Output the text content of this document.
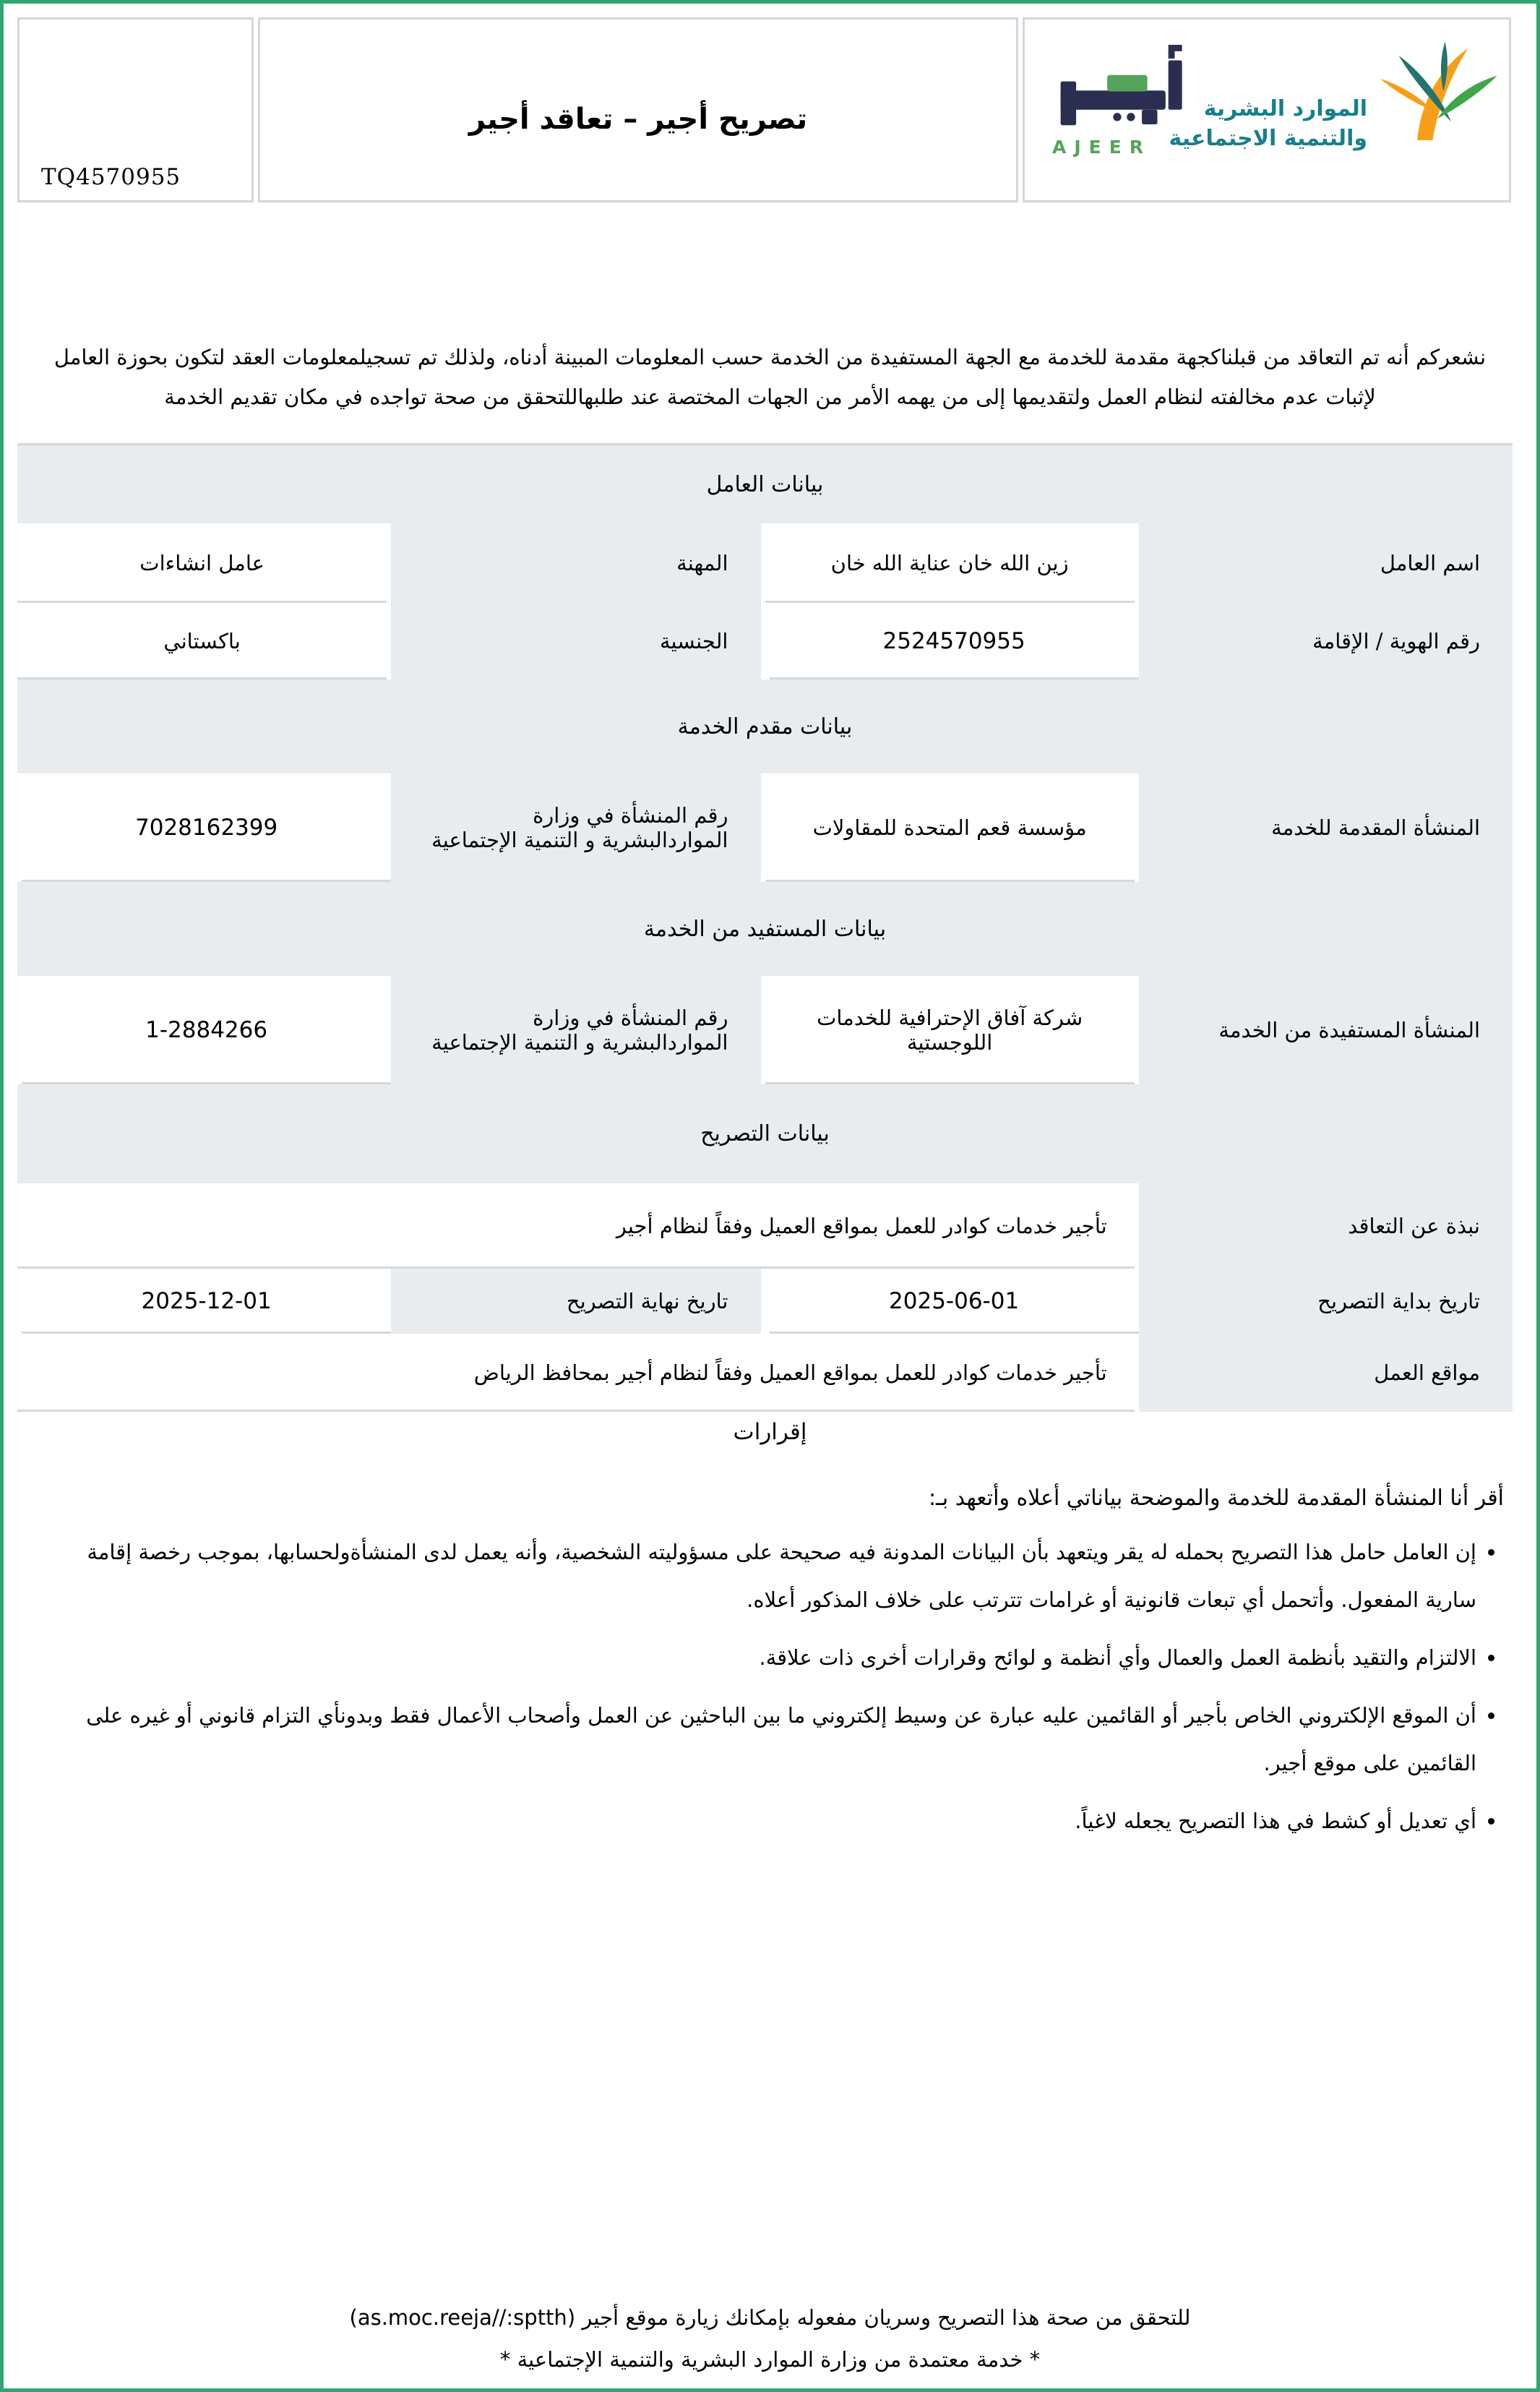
TQ4570955
تصريح أجير – تعاقد أجير
AJEER
الموارد البشرية
والتنمية الاجتماعية
نشعركم أنه تم التعاقد من قبلناكجهة مقدمة للخدمة مع الجهة المستفيدة من الخدمة حسب المعلومات المبينة أدناه، ولذلك تم تسجيلمعلومات العقد لتكون بحوزة العامل لإثبات عدم مخالفته لنظام العمل ولتقديمها إلى من يهمه الأمر من الجهات المختصة عند طلبهاللتحقق من صحة تواجده في مكان تقديم الخدمة
بيانات العامل
اسم العامل
زين الله خان عناية الله خان
المهنة
عامل انشاءات
رقم الهوية / الإقامة
2524570955
الجنسية
باكستاني
بيانات مقدم الخدمة
المنشأة المقدمة للخدمة
مؤسسة قعم المتحدة للمقاولات
رقم المنشأة في وزارة المواردالبشرية و التنمية الإجتماعية
7028162399
بيانات المستفيد من الخدمة
المنشأة المستفيدة من الخدمة
شركة آفاق الإحترافية للخدمات اللوجستية
رقم المنشأة في وزارة المواردالبشرية و التنمية الإجتماعية
1-2884266
بيانات التصريح
نبذة عن التعاقد
تأجير خدمات كوادر للعمل بمواقع العميل وفقاً لنظام أجير
تاريخ بداية التصريح
2025-06-01
تاريخ نهاية التصريح
2025-12-01
مواقع العمل
تأجير خدمات كوادر للعمل بمواقع العميل وفقاً لنظام أجير بمحافظ الرياض
إقرارات
أقر أنا المنشأة المقدمة للخدمة والموضحة بياناتي أعلاه وأتعهد بـ:
• إن العامل حامل هذا التصريح بحمله له يقر ويتعهد بأن البيانات المدونة فيه صحيحة على مسؤوليته الشخصية، وأنه يعمل لدى المنشأةولحسابها، بموجب رخصة إقامة سارية المفعول. وأتحمل أي تبعات قانونية أو غرامات تترتب على خلاف المذكور أعلاه.
• الالتزام والتقيد بأنظمة العمل والعمال وأي أنظمة و لوائح وقرارات أخرى ذات علاقة.
• أن الموقع الإلكتروني الخاص بأجير أو القائمين عليه عبارة عن وسيط إلكتروني ما بين الباحثين عن العمل وأصحاب الأعمال فقط وبدونأي التزام قانوني أو غيره على القائمين على موقع أجير.
• أي تعديل أو كشط في هذا التصريح يجعله لاغياً.
للتحقق من صحة هذا التصريح وسريان مفعوله بإمكانك زيارة موقع أجير (as.moc.reeja//:sptth)
* خدمة معتمدة من وزارة الموارد البشرية والتنمية الإجتماعية *
